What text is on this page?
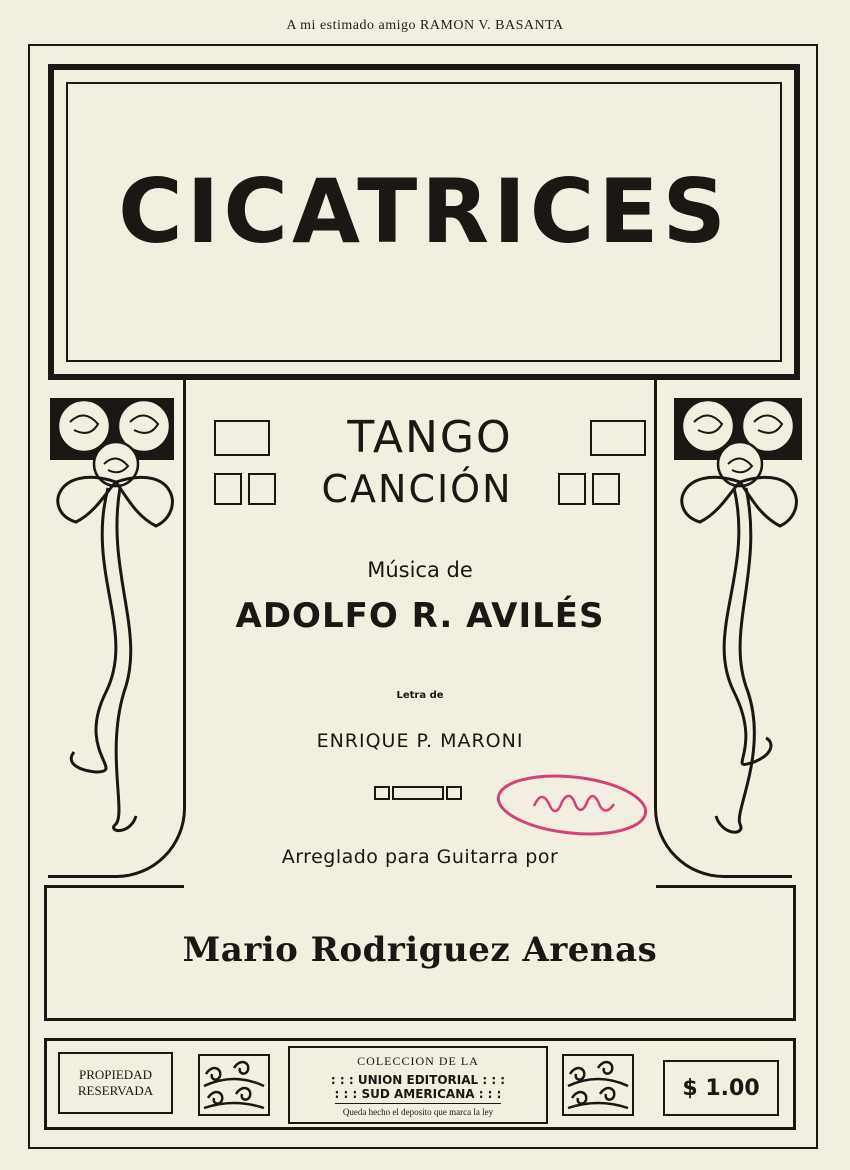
A mi estimado amigo RAMON V. BASANTA
CICATRICES
TANGO
CANCIÓN
Música de
ADOLFO R. AVILÉS
Letra de
ENRIQUE P. MARONI
Arreglado para Guitarra por
Mario Rodriguez Arenas
PROPIEDAD
RESERVADA
COLECCION DE LA
: : : UNION EDITORIAL : : :
: : : SUD AMERICANA : : :
Queda hecho el deposito que marca la ley
$ 1.00
